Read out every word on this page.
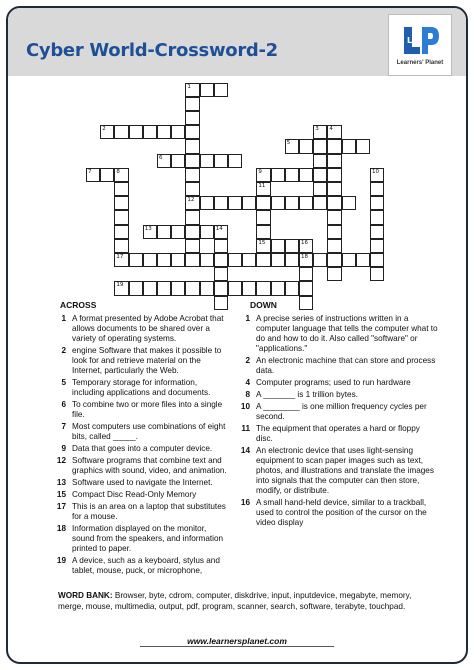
Cyber World-Crossword-2	LP
Learners' Planet
1
2
5
6
7	8	9
12
13	14
15
17	18
19
3 4
10
11
16
ACROSS
1 A format presented by Adobe Acrobat that allows documents to be shared over a variety of operating systems.
2 engine Software that makes it possible to look for and retrieve material on the Internet, particularly the Web.
5 Temporary storage for information, including applications and documents.
6 To combine two or more files into a single file.
7 Most computers use combinations of eight bits, called _____.
9 Data that goes into a computer device.
12 Software programs that combine text and graphics with sound, video, and animation.
13 Software used to navigate the Internet.
15 Compact Disc Read-Only Memory
17 This is an area on a laptop that substitutes for a mouse.
18 Information displayed on the monitor, sound from the speakers, and information printed to paper.
19 A device, such as a keyboard, stylus and tablet, mouse, puck, or microphone,
DOWN
1 A precise series of instructions written in a computer language that tells the computer what to do and how to do it. Also called "software" or "applications."
2 An electronic machine that can store and process data.
4 Computer programs; used to run hardware
8 A _______ is 1 trillion bytes.
10 A ________ is one million frequency cycles per second.
11 The equipment that operates a hard or floppy disc.
14 An electronic device that uses light-sensing equipment to scan paper images such as text, photos, and illustrations and translate the images into signals that the computer can then store, modify, or distribute.
16 A small hand-held device, similar to a trackball, used to control the position of the cursor on the video display
WORD BANK: Browser, byte, cdrom, computer, diskdrive, input, inputdevice, megabyte, memory, merge, mouse, multimedia, output, pdf, program, scanner, search, software, terabyte, touchpad.
www.learnersplanet.com
